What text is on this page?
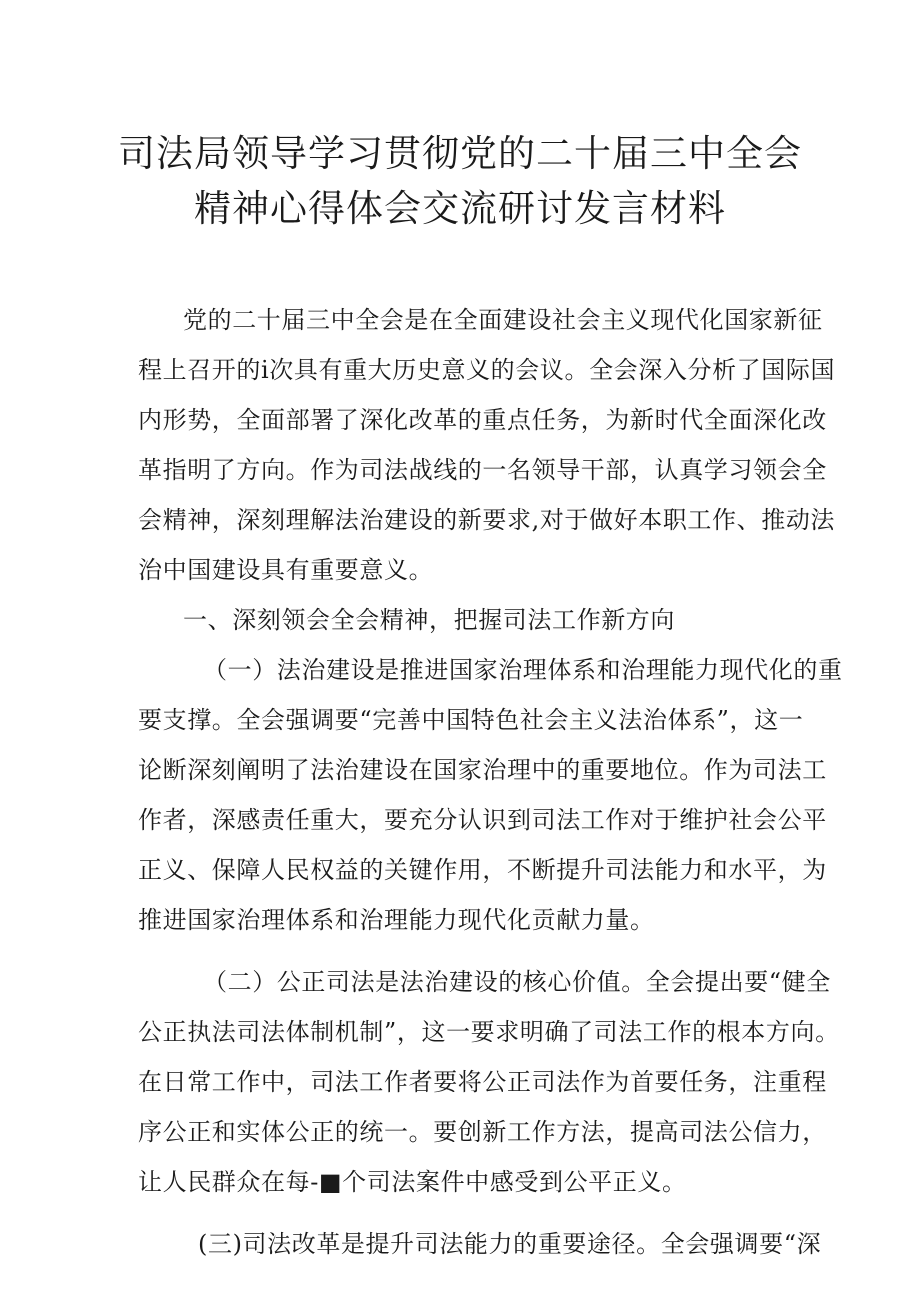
司法局领导学习贯彻党的二十届三中全会
精神心得体会交流研讨发言材料
党的二十届三中全会是在全面建设社会主义现代化国家新征
程上召开的i次具有重大历史意义的会议。全会深入分析了国际国
内形势，全面部署了深化改革的重点任务，为新时代全面深化改
革指明了方向。作为司法战线的一名领导干部，认真学习领会全
会精神，深刻理解法治建设的新要求,对于做好本职工作、推动法
治中国建设具有重要意义。
一、深刻领会全会精神，把握司法工作新方向
（一）法治建设是推进国家治理体系和治理能力现代化的重
要支撑。全会强调要“完善中国特色社会主义法治体系”，这一
论断深刻阐明了法治建设在国家治理中的重要地位。作为司法工
作者，深感责任重大，要充分认识到司法工作对于维护社会公平
正义、保障人民权益的关键作用，不断提升司法能力和水平，为
推进国家治理体系和治理能力现代化贡献力量。
（二）公正司法是法治建设的核心价值。全会提出要“健全
公正执法司法体制机制”，这一要求明确了司法工作的根本方向。
在日常工作中，司法工作者要将公正司法作为首要任务，注重程
序公正和实体公正的统一。要创新工作方法，提高司法公信力，
让人民群众在每-■个司法案件中感受到公平正义。
(三)司法改革是提升司法能力的重要途径。全会强调要“深
